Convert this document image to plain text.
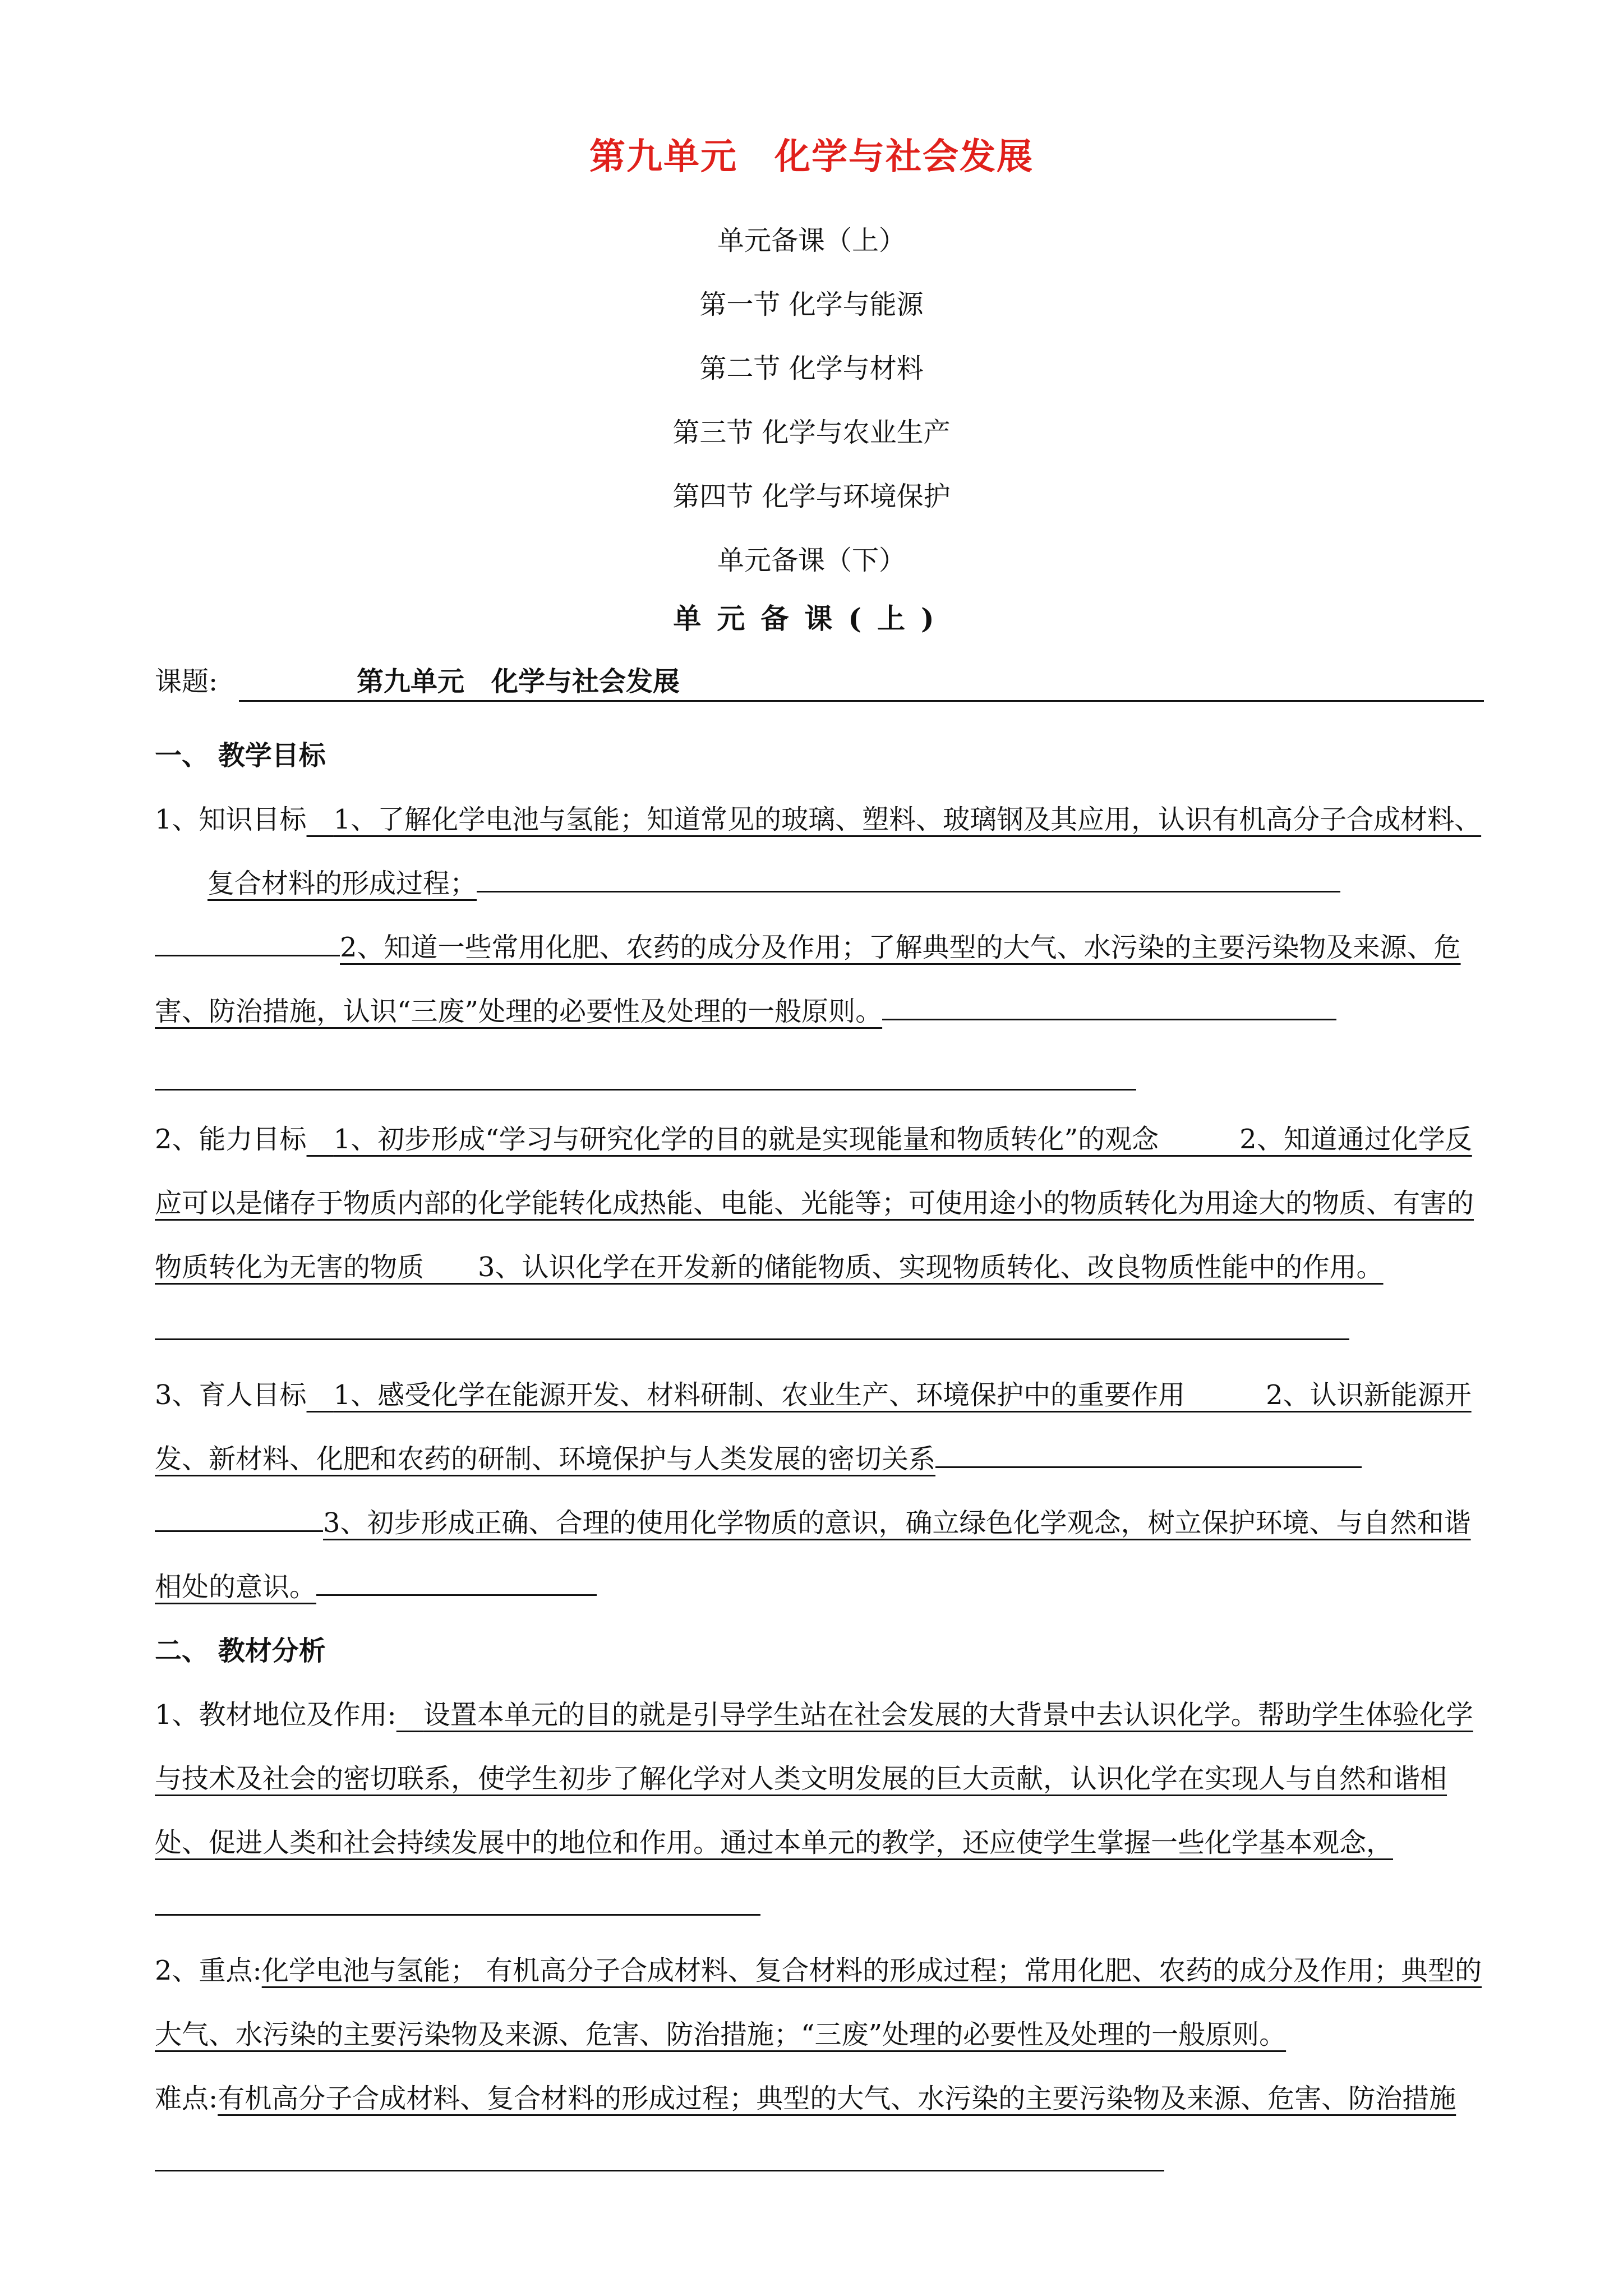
第九单元　化学与社会发展
单元备课（上）
第一节 化学与能源
第二节 化学与材料
第三节 化学与农业生产
第四节 化学与环境保护
单元备课（下）
单元备课(上)
课题:	第九单元　化学与社会发展
一、 教学目标

1、知识目标　 1、了解化学电池与氢能；知道常见的玻璃、塑料、玻璃钢及其应用，认识有机高分子合成材料、复合材料的形成过程；

2、知道一些常用化肥、农药的成分及作用；了解典型的大气、水污染的主要污染物及来源、危害、防治措施，认识“三废”处理的必要性及处理的一般原则。

2、能力目标　 1、初步形成“学习与研究化学的目的就是实现能量和物质转化”的观念　　　2、知道通过化学反应可以是储存于物质内部的化学能转化成热能、电能、光能等；可使用途小的物质转化为用途大的物质、有害的物质转化为无害的物质　　3、认识化学在开发新的储能物质、实现物质转化、改良物质性能中的作用。

3、育人目标　 1、感受化学在能源开发、材料研制、农业生产、环境保护中的重要作用　　　2、认识新能源开发、新材料、化肥和农药的研制、环境保护与人类发展的密切关系

3、初步形成正确、合理的使用化学物质的意识，确立绿色化学观念，树立保护环境、与自然和谐相处的意识。

二、 教材分析

1、教材地位及作用:　 设置本单元的目的就是引导学生站在社会发展的大背景中去认识化学。帮助学生体验化学与技术及社会的密切联系，使学生初步了解化学对人类文明发展的巨大贡献，认识化学在实现人与自然和谐相处、促进人类和社会持续发展中的地位和作用。通过本单元的教学，还应使学生掌握一些化学基本观念，

2、重点:化学电池与氢能； 有机高分子合成材料、复合材料的形成过程；常用化肥、农药的成分及作用；典型的大气、水污染的主要污染物及来源、危害、防治措施；“三废”处理的必要性及处理的一般原则。

难点:有机高分子合成材料、复合材料的形成过程；典型的大气、水污染的主要污染物及来源、危害、防治措施
